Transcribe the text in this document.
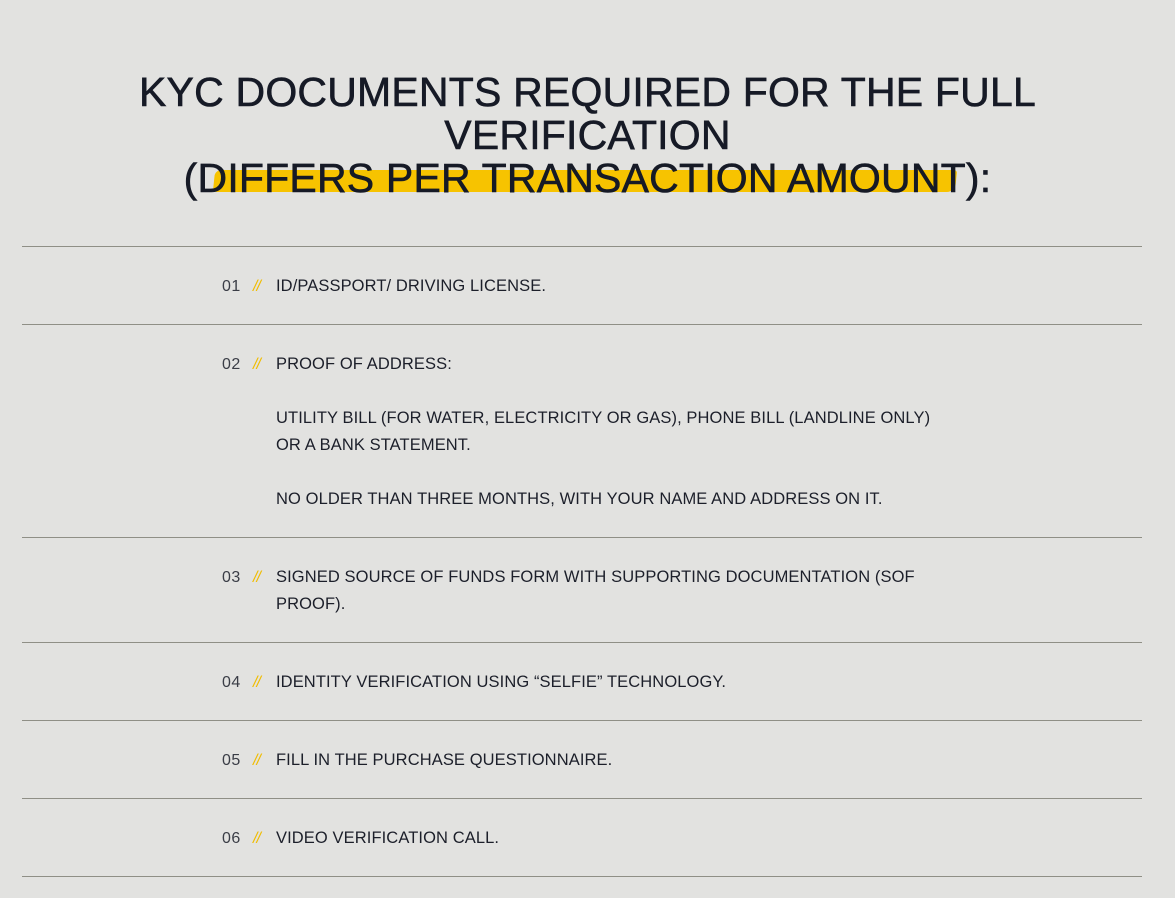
KYC DOCUMENTS REQUIRED FOR THE FULL
VERIFICATION
(
DIFFERS PER TRANSACTION AMOUNT):
01 // ID/PASSPORT/ DRIVING LICENSE.

02 // PROOF OF ADDRESS:

UTILITY BILL (FOR WATER, ELECTRICITY OR GAS), PHONE BILL (LANDLINE ONLY) OR A BANK STATEMENT.

NO OLDER THAN THREE MONTHS, WITH YOUR NAME AND ADDRESS ON IT.

03 // SIGNED SOURCE OF FUNDS FORM WITH SUPPORTING DOCUMENTATION (SOF PROOF).

04 // IDENTITY VERIFICATION USING “SELFIE” TECHNOLOGY.

05 // FILL IN THE PURCHASE QUESTIONNAIRE.

06 // VIDEO VERIFICATION CALL.
